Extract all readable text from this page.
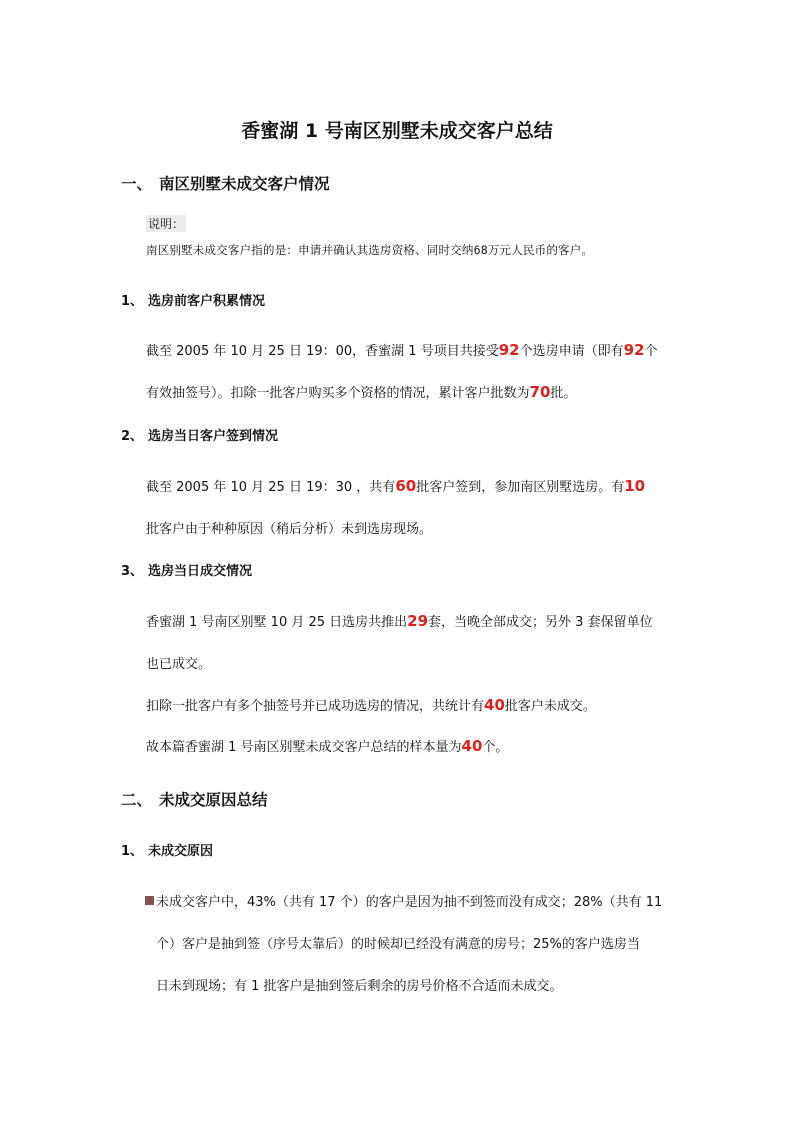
香蜜湖 1 号南区别墅未成交客户总结
一、 南区别墅未成交客户情况
说明：
南区别墅未成交客户指的是：申请并确认其选房资格、同时交纳68万元人民币的客户。
1、 选房前客户积累情况
截至 2005 年 10 月 25 日 19：00，香蜜湖 1 号项目共接受92个选房申请（即有92个
有效抽签号）。扣除一批客户购买多个资格的情况，累计客户批数为70批。
2、 选房当日客户签到情况
截至 2005 年 10 月 25 日 19：30 ，共有60批客户签到，参加南区别墅选房。有10
批客户由于种种原因（稍后分析）未到选房现场。
3、 选房当日成交情况
香蜜湖 1 号南区别墅 10 月 25 日选房共推出29套，当晚全部成交；另外 3 套保留单位
也已成交。
扣除一批客户有多个抽签号并已成功选房的情况，共统计有40批客户未成交。
故本篇香蜜湖 1 号南区别墅未成交客户总结的样本量为40个。
二、 未成交原因总结
1、 未成交原因
未成交客户中，43%（共有 17 个）的客户是因为抽不到签而没有成交；28%（共有 11
个）客户是抽到签（序号太靠后）的时候却已经没有满意的房号；25%的客户选房当
日未到现场；有 1 批客户是抽到签后剩余的房号价格不合适而未成交。
